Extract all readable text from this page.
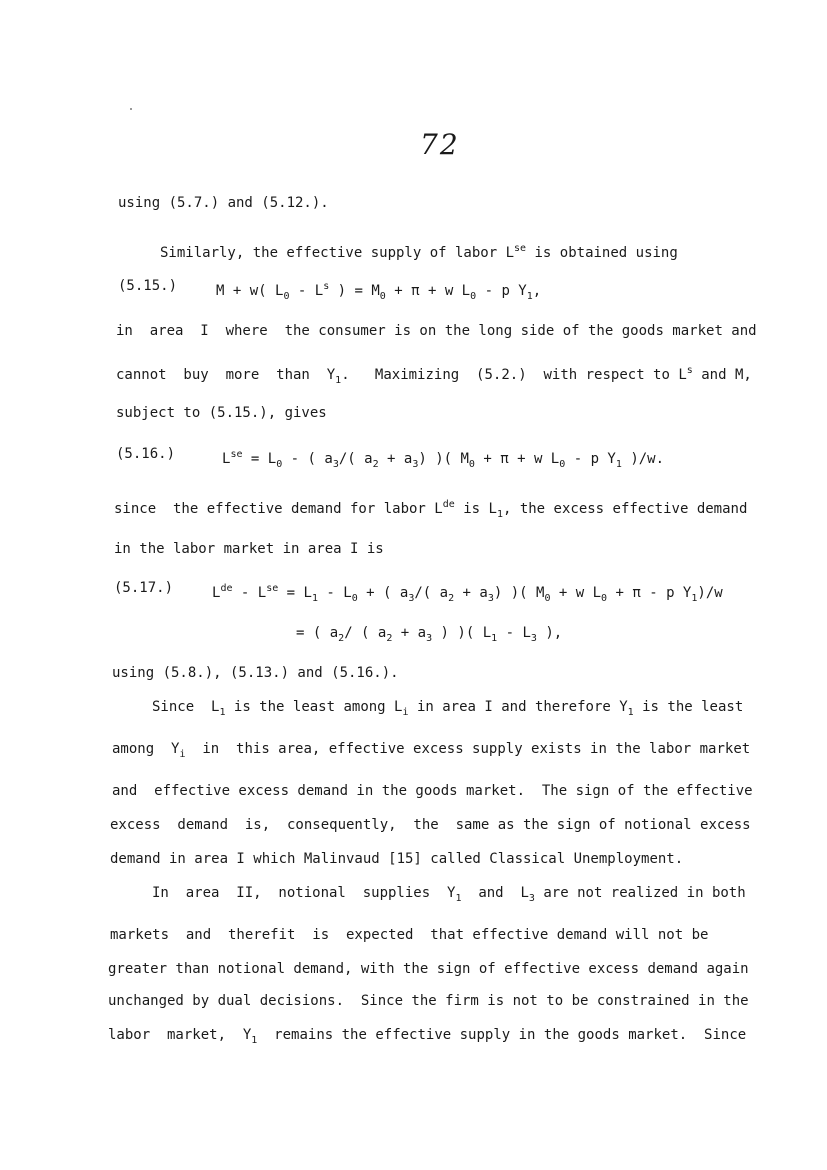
72
using (5.7.) and (5.12.).
Similarly, the effective supply of labor $L^{se}$ is obtained using
(5.15.)	M + w( $L_0 - L^s$ ) = $M_0 + \pi + w$ $L_0$ - p $Y_1$,
in  area  I  where  the consumer is on the long side of the goods market and
cannot  buy  more  than  $Y_1$.   Maximizing  (5.2.)  with respect to $L^s$ and M,
subject to (5.15.), gives
(5.16.)	$L^{se} = L_0$ - ( $a_3/$( $a_2 + a_3$) )( $M_0 + \pi + w$ $L_0$ - p $Y_1$ )/w.
since  the effective demand for labor Lde is $L_1$, the excess effective demand
in the labor market in area I is
(5.17.)	$Lde - L^{se} = L_1 - L_0$ + ( $a_3/$( $a_2 + a_3$) )( $M_0 + w$ $L_0 + \pi - p$ $Y_1)/w$
= ( $a_2/$ ( $a_2 + a_3$ ) )( $L_1 - L_3$ ),
using (5.8.), (5.13.) and (5.16.).
Since  $L_1$ is the least among $L_i$ in area I and therefore $Y_1$ is the least
among  $Y_i$  in  this area, effective excess supply exists in the labor market
and  effective excess demand in the goods market.  The sign of the effective
excess  demand  is,  consequently,  the  same as the sign of notional excess
demand in area I which Malinvaud [15] called Classical Unemployment.
In  area  II,  notional  supplies  $Y_1$  and  $L_3$ are not realized in both
markets  and  therefit  is  expected  that effective demand will not be
greater than notional demand, with the sign of effective excess demand again
unchanged by dual decisions.  Since the firm is not to be constrained in the
labor  market,  $Y_1$  remains the effective supply in the goods market.  Since
